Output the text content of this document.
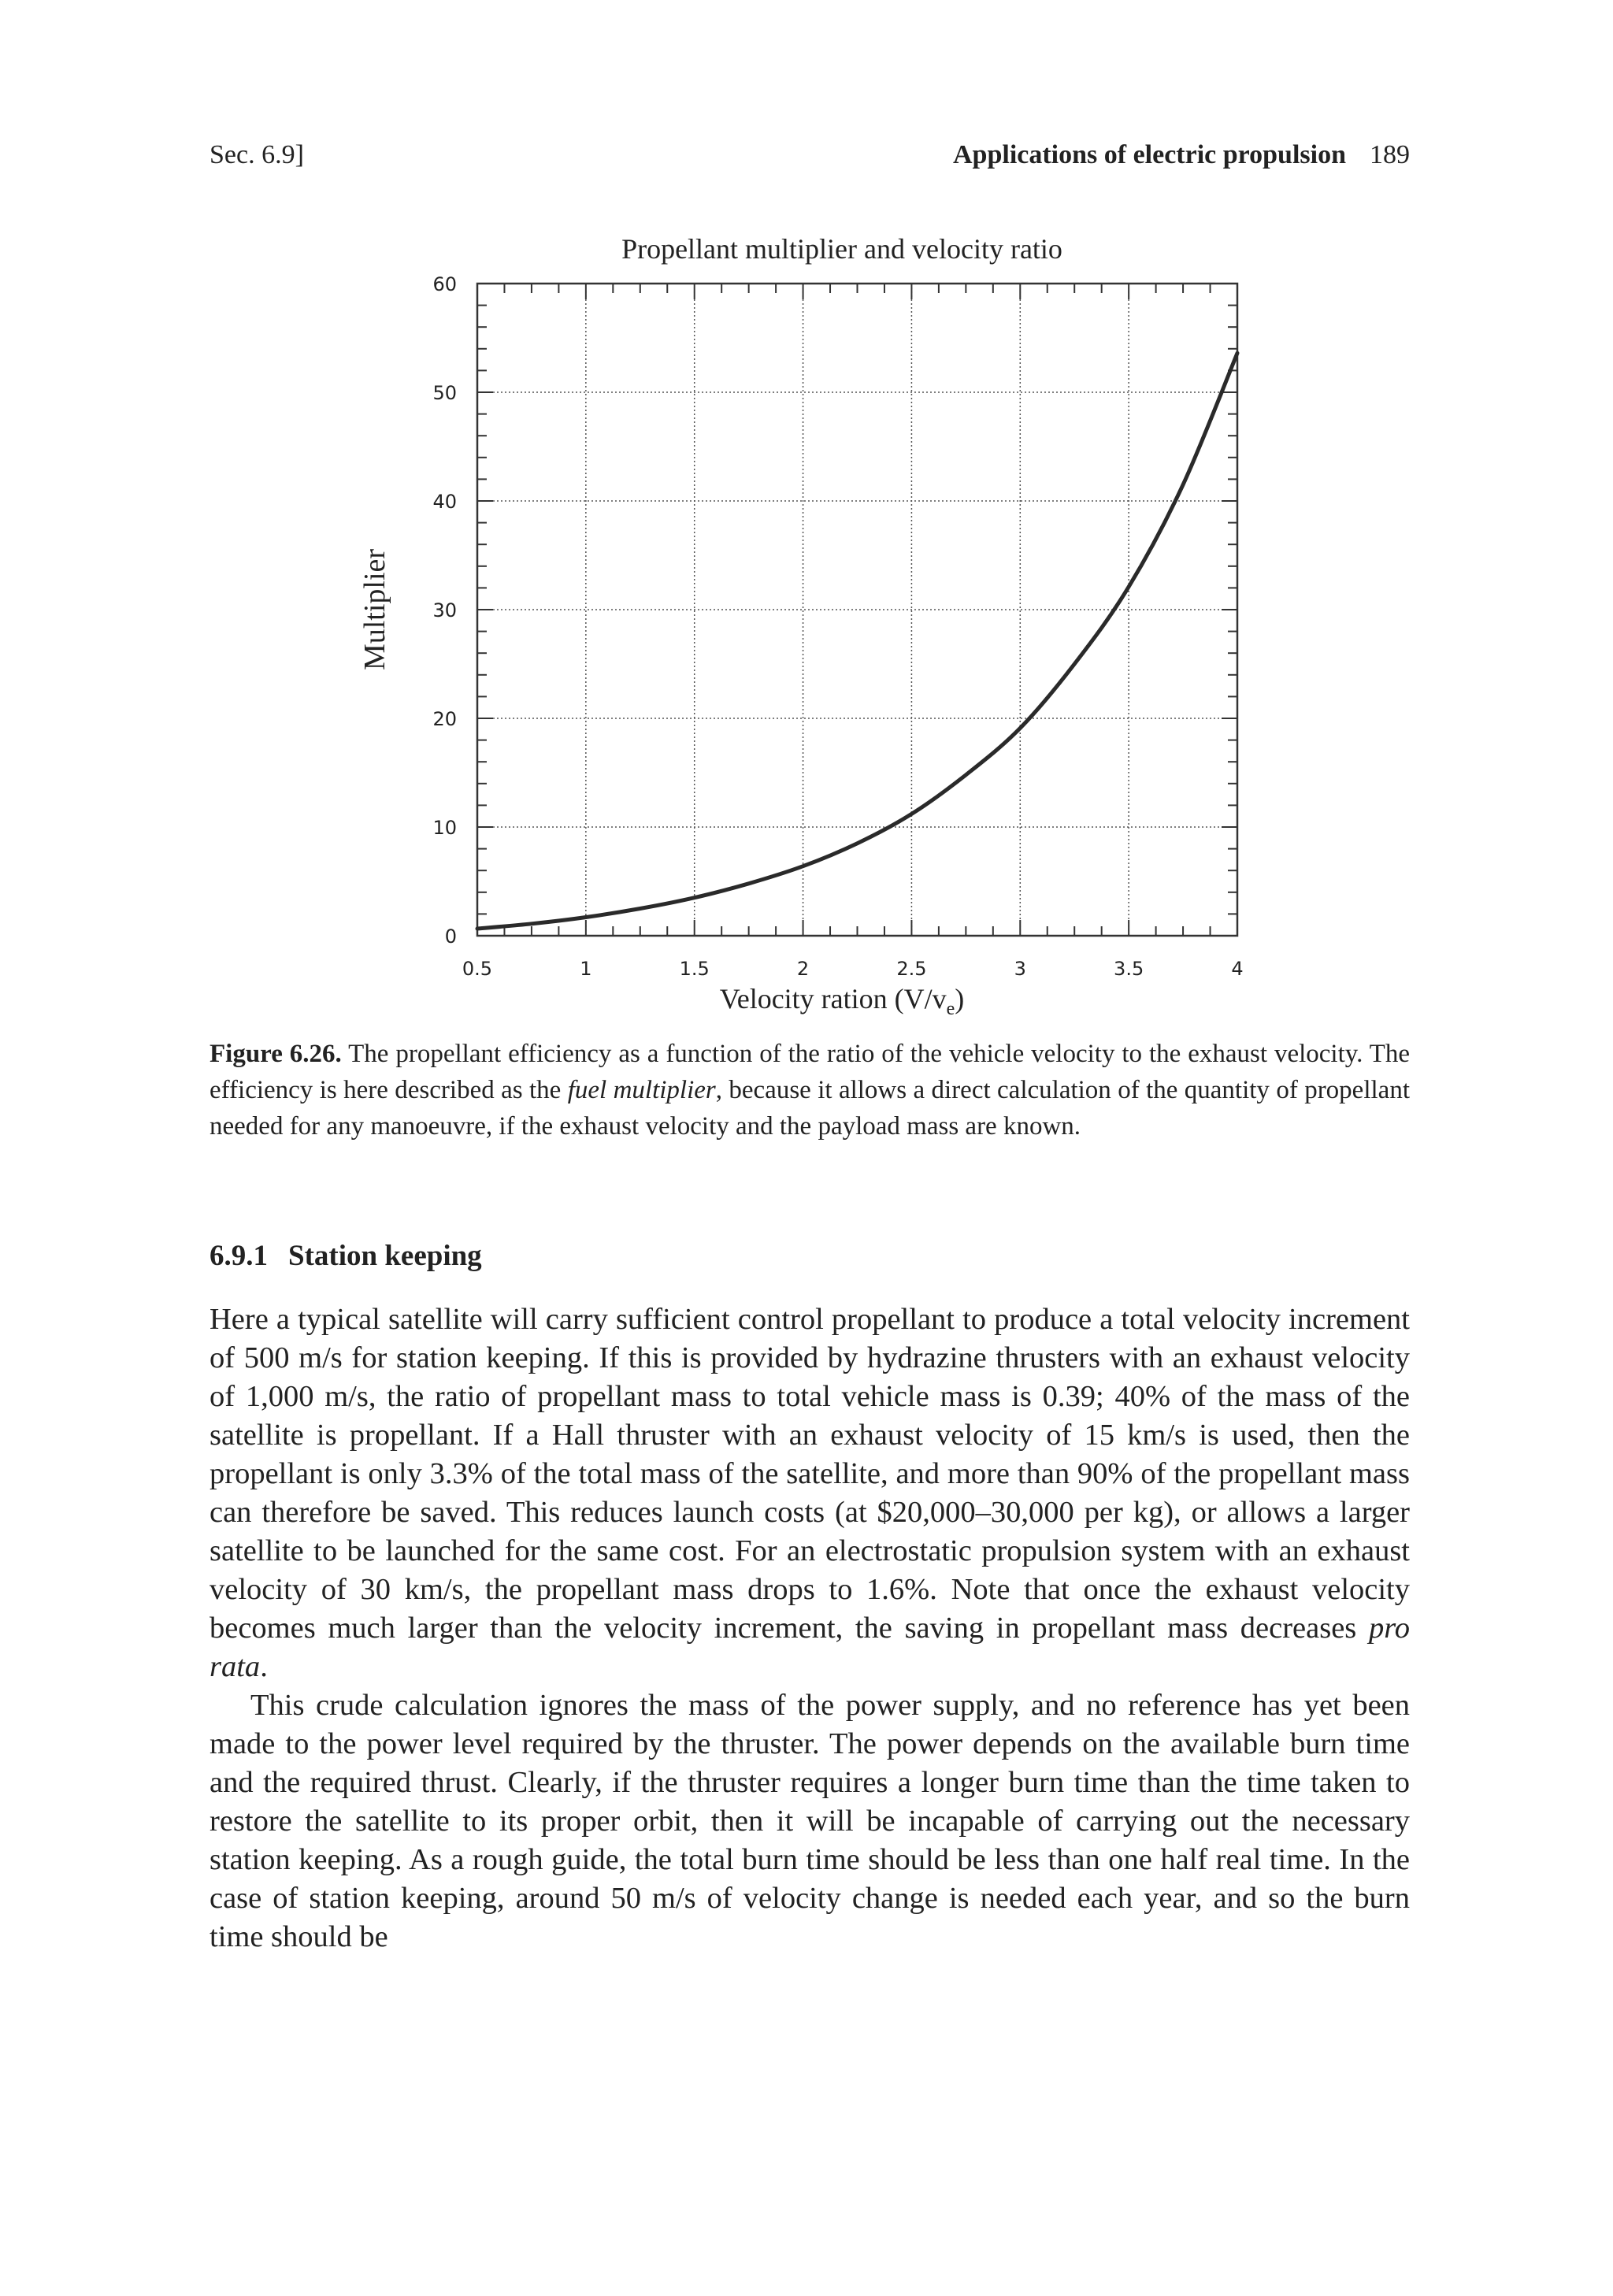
Sec. 6.9]	Applications of electric propulsion 189
Propellant multiplier and velocity ratio
0.5	1	1.5	2	2.5	3	3.5	4
0
10
20
30
40
50
60
Multiplier
Velocity ration $(V/v_e)$
Figure 6.26. The propellant efficiency as a function of the ratio of the vehicle velocity to the exhaust velocity. The efficiency is here described as the fuel multiplier, because it allows a direct calculation of the quantity of propellant needed for any manoeuvre, if the exhaust velocity and the payload mass are known.
6.9.1 Station keeping

Here a typical satellite will carry sufficient control propellant to produce a total velocity increment of 500 m/s for station keeping. If this is provided by hydrazine thrusters with an exhaust velocity of 1,000 m/s, the ratio of propellant mass to total vehicle mass is 0.39; 40% of the mass of the satellite is propellant. If a Hall thruster with an exhaust velocity of 15 km/s is used, then the propellant is only 3.3% of the total mass of the satellite, and more than 90% of the propellant mass can therefore be saved. This reduces launch costs (at $20,000–30,000 per kg), or allows a larger satellite to be launched for the same cost. For an electrostatic propulsion system with an exhaust velocity of 30 km/s, the propellant mass drops to 1.6%. Note that once the exhaust velocity becomes much larger than the velocity increment, the saving in propellant mass decreases pro rata.

This crude calculation ignores the mass of the power supply, and no reference has yet been made to the power level required by the thruster. The power depends on the available burn time and the required thrust. Clearly, if the thruster requires a longer burn time than the time taken to restore the satellite to its proper orbit, then it will be incapable of carrying out the necessary station keeping. As a rough guide, the total burn time should be less than one half real time. In the case of station keeping, around 50 m/s of velocity change is needed each year, and so the burn time should be
